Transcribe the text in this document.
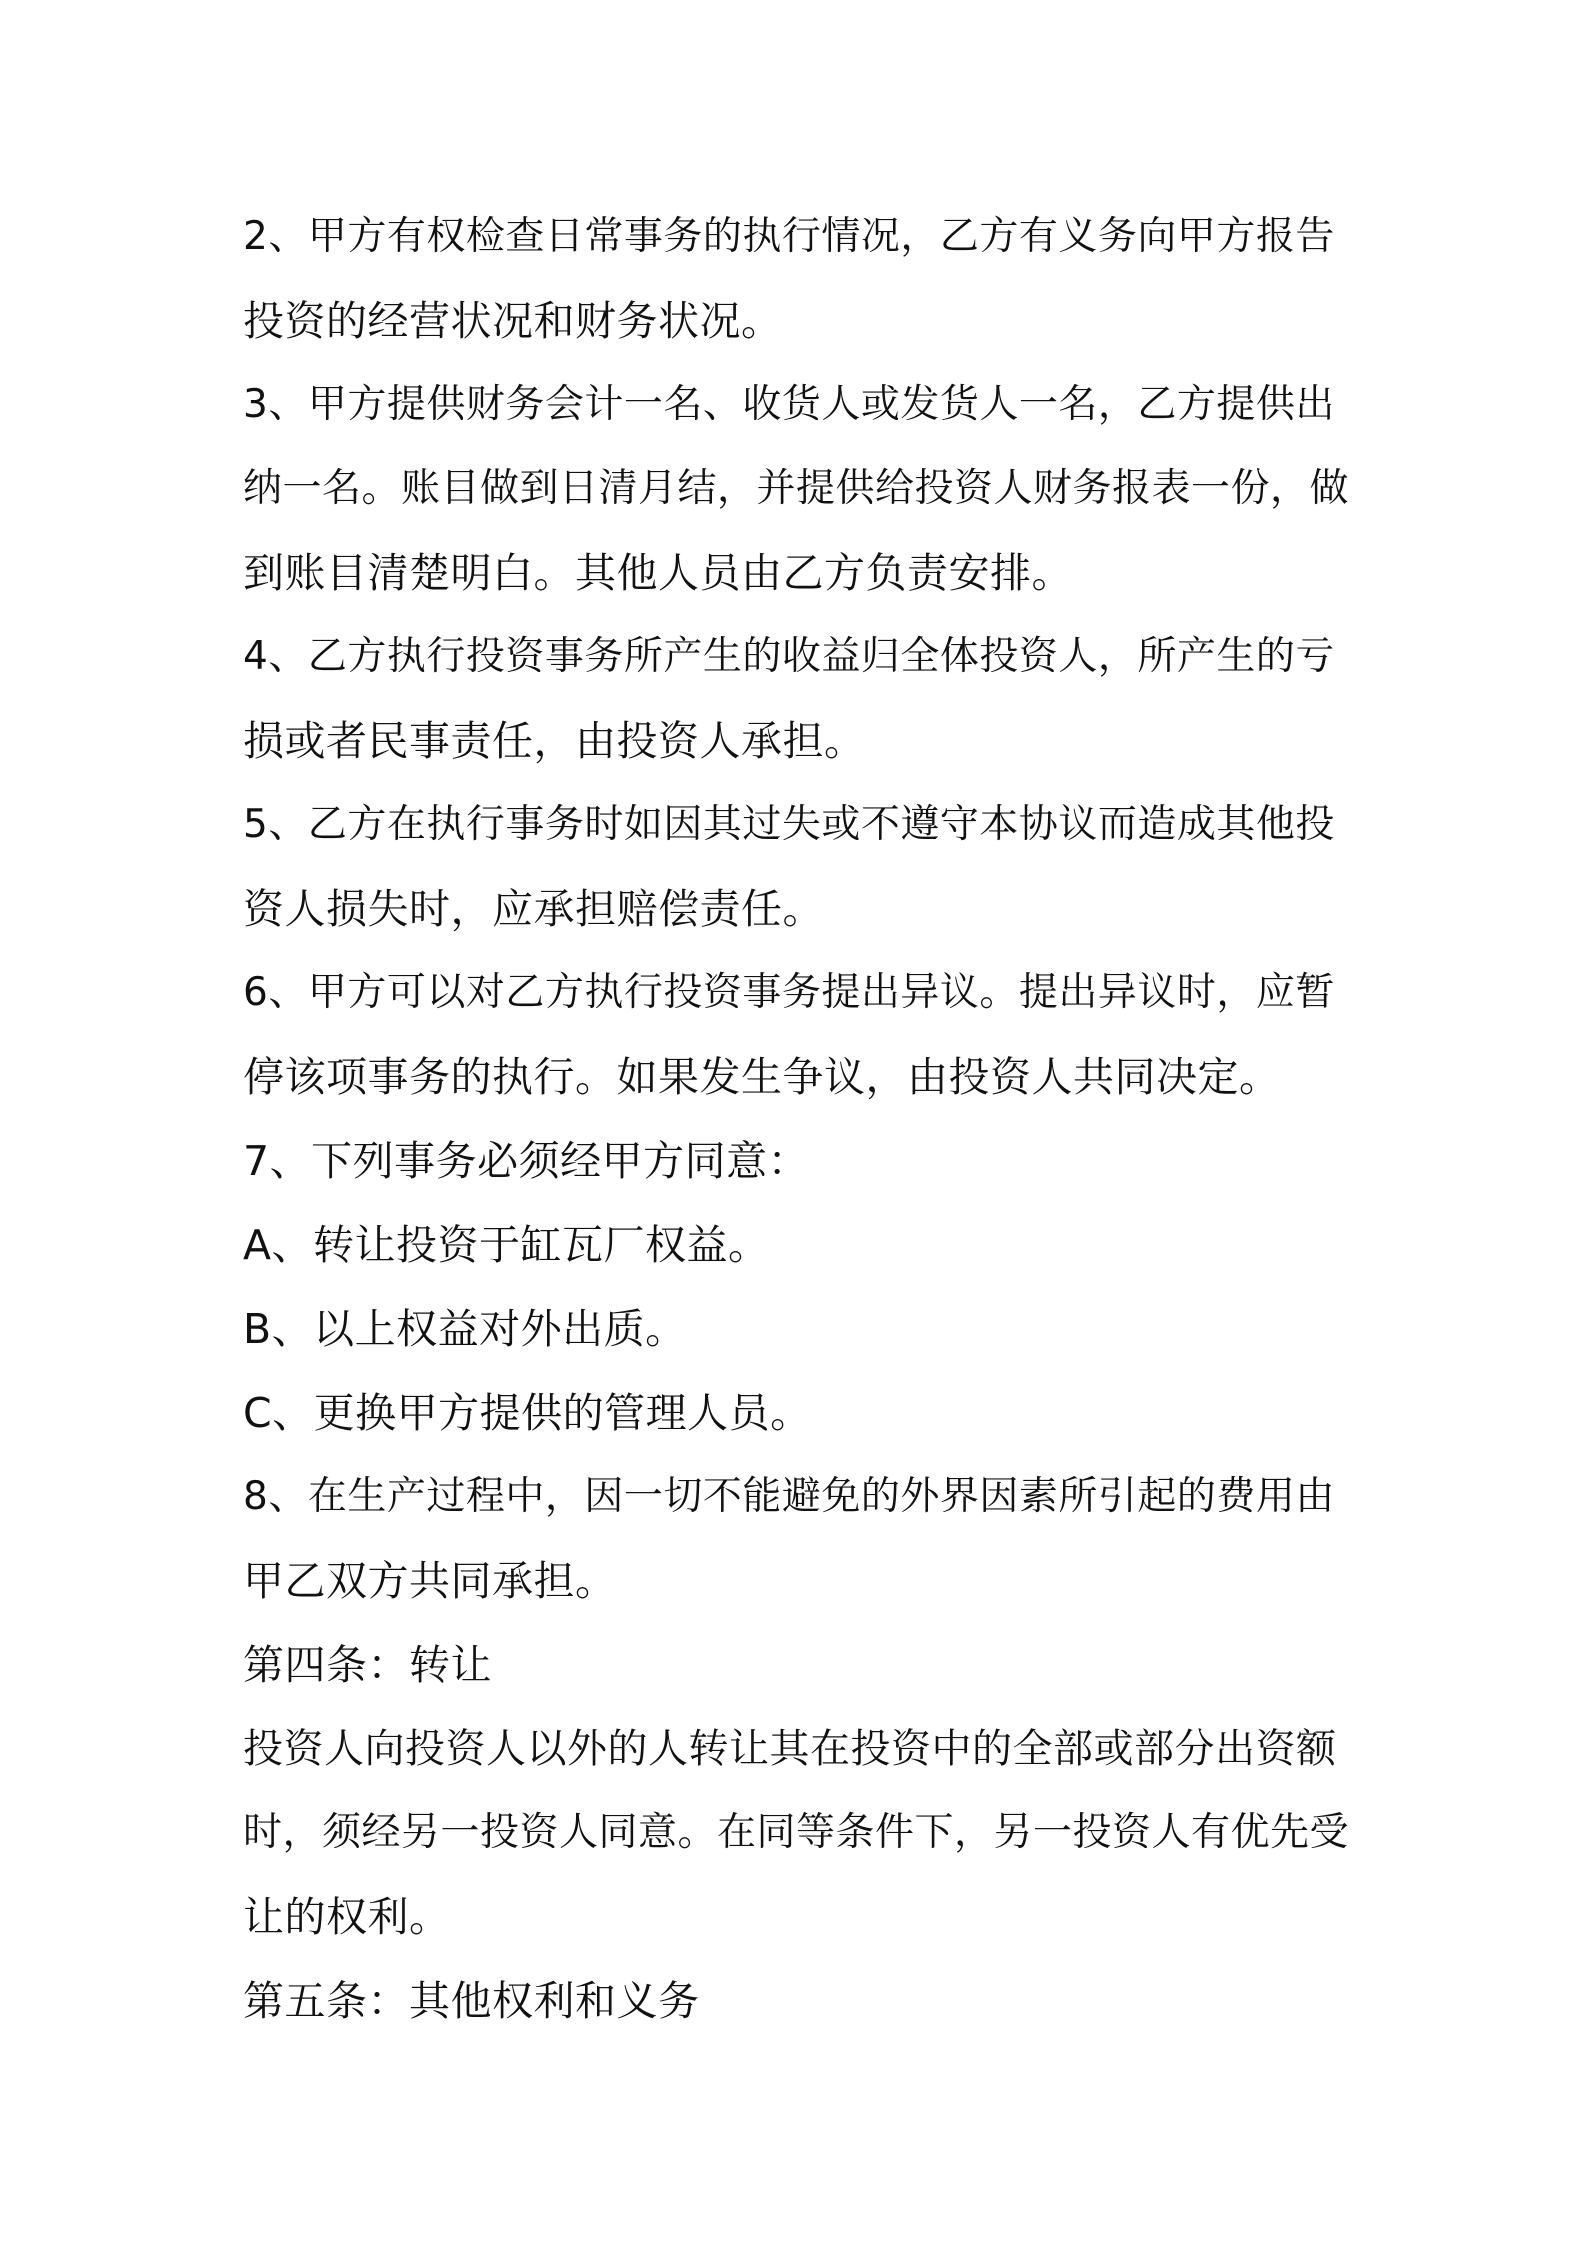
2、甲方有权检查日常事务的执行情况，乙方有义务向甲方报告
投资的经营状况和财务状况。
3、甲方提供财务会计一名、收货人或发货人一名，乙方提供出
纳一名。账目做到日清月结，并提供给投资人财务报表一份，做
到账目清楚明白。其他人员由乙方负责安排。
4、乙方执行投资事务所产生的收益归全体投资人，所产生的亏
损或者民事责任，由投资人承担。
5、乙方在执行事务时如因其过失或不遵守本协议而造成其他投
资人损失时，应承担赔偿责任。
6、甲方可以对乙方执行投资事务提出异议。提出异议时，应暂
停该项事务的执行。如果发生争议，由投资人共同决定。
7、下列事务必须经甲方同意：
A、转让投资于缸瓦厂权益。
B、以上权益对外出质。
C、更换甲方提供的管理人员。
8、在生产过程中，因一切不能避免的外界因素所引起的费用由
甲乙双方共同承担。
第四条：转让
投资人向投资人以外的人转让其在投资中的全部或部分出资额
时，须经另一投资人同意。在同等条件下，另一投资人有优先受
让的权利。
第五条：其他权利和义务
